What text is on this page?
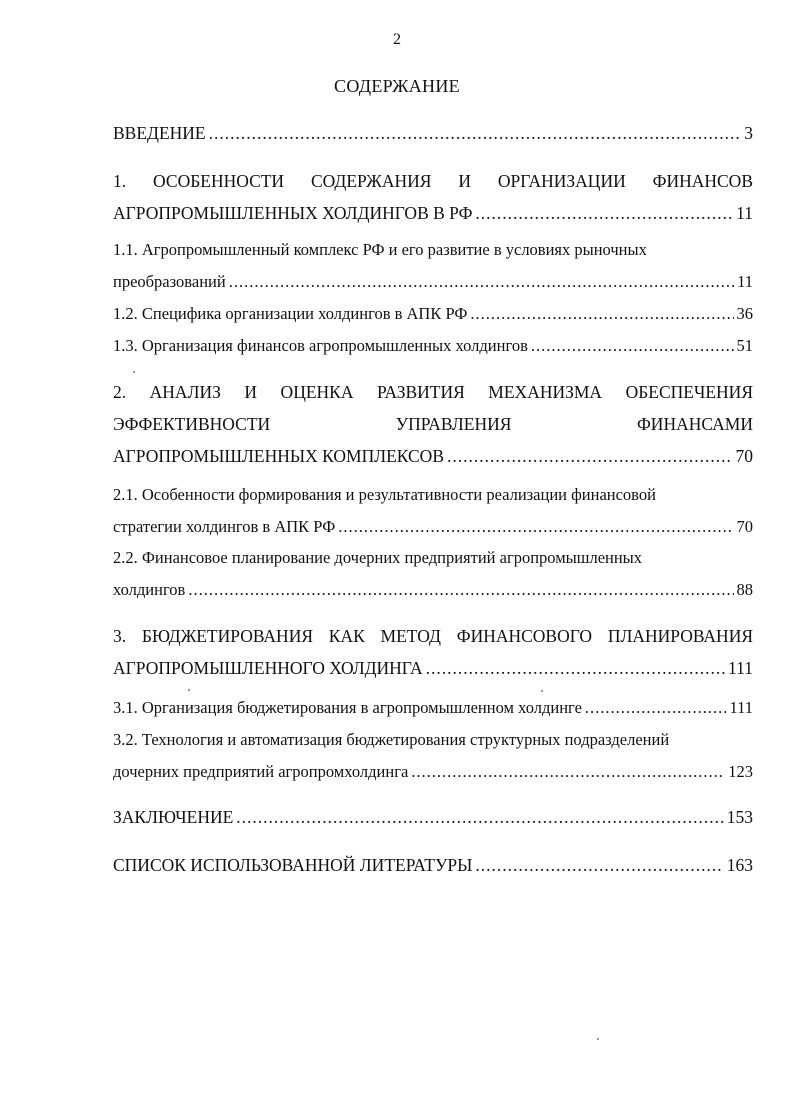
2
СОДЕРЖАНИЕ
ВВЕДЕНИЕ .....	3
1. ОСОБЕННОСТИ СОДЕРЖАНИЯ И ОРГАНИЗАЦИИ ФИНАНСОВ
АГРОПРОМЫШЛЕННЫХ ХОЛДИНГОВ В РФ .....	11
1.1. Агропромышленный комплекс РФ и его развитие в условиях рыночных
преобразований .....	11
1.2. Специфика организации холдингов в АПК РФ .....	36
1.3. Организация финансов агропромышленных холдингов .....	51
2. АНАЛИЗ И ОЦЕНКА РАЗВИТИЯ МЕХАНИЗМА ОБЕСПЕЧЕНИЯ
ЭФФЕКТИВНОСТИ УПРАВЛЕНИЯ ФИНАНСАМИ
АГРОПРОМЫШЛЕННЫХ КОМПЛЕКСОВ .....	70
2.1. Особенности формирования и результативности реализации финансовой
стратегии холдингов в АПК РФ .....	70
2.2. Финансовое планирование дочерних предприятий агропромышленных
холдингов .....	88
3. БЮДЖЕТИРОВАНИЯ КАК МЕТОД ФИНАНСОВОГО ПЛАНИРОВАНИЯ
АГРОПРОМЫШЛЕННОГО ХОЛДИНГА .....	111
3.1. Организация бюджетирования в агропромышленном холдинге .....	111
3.2. Технология и автоматизация бюджетирования структурных подразделений
дочерних предприятий агропромхолдинга .....	123
ЗАКЛЮЧЕНИЕ .....	153
СПИСОК ИСПОЛЬЗОВАННОЙ ЛИТЕРАТУРЫ .....	163
